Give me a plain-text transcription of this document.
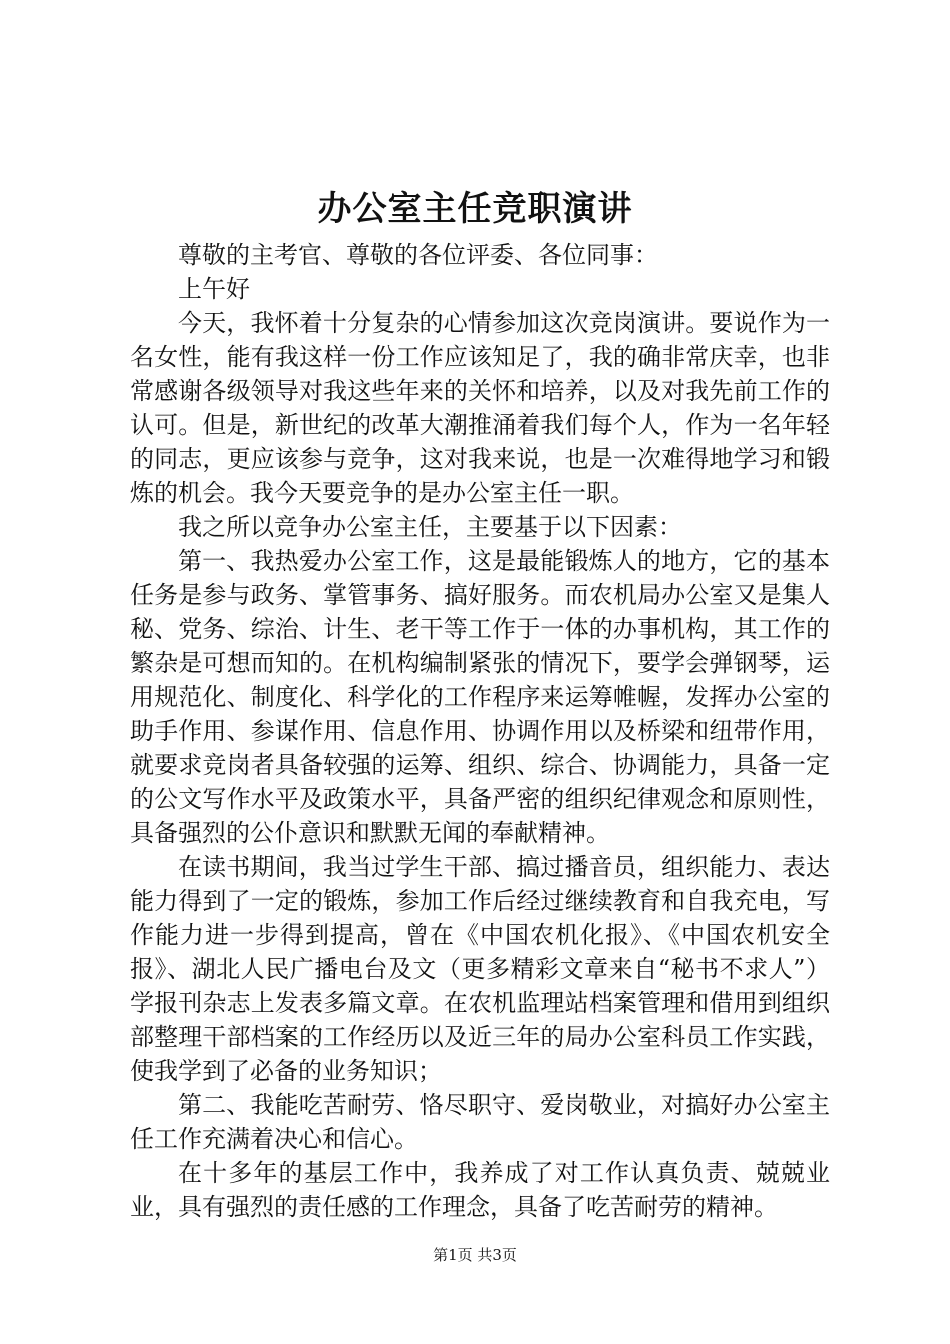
办公室主任竞职演讲

尊敬的主考官、尊敬的各位评委、各位同事：

上午好

今天，我怀着十分复杂的心情参加这次竞岗演讲。要说作为一名女性，能有我这样一份工作应该知足了，我的确非常庆幸，也非常感谢各级领导对我这些年来的关怀和培养，以及对我先前工作的认可。但是，新世纪的改革大潮推涌着我们每个人，作为一名年轻的同志，更应该参与竞争，这对我来说，也是一次难得地学习和锻炼的机会。我今天要竞争的是办公室主任一职。

我之所以竞争办公室主任，主要基于以下因素：

第一、我热爱办公室工作，这是最能锻炼人的地方，它的基本任务是参与政务、掌管事务、搞好服务。而农机局办公室又是集人秘、党务、综治、计生、老干等工作于一体的办事机构，其工作的繁杂是可想而知的。在机构编制紧张的情况下，要学会弹钢琴，运用规范化、制度化、科学化的工作程序来运筹帷幄，发挥办公室的助手作用、参谋作用、信息作用、协调作用以及桥梁和纽带作用，就要求竞岗者具备较强的运筹、组织、综合、协调能力，具备一定的公文写作水平及政策水平，具备严密的组织纪律观念和原则性，具备强烈的公仆意识和默默无闻的奉献精神。

在读书期间，我当过学生干部、搞过播音员，组织能力、表达能力得到了一定的锻炼，参加工作后经过继续教育和自我充电，写作能力进一步得到提高，曾在《中国农机化报》、《中国农机安全报》、湖北人民广播电台及文（更多精彩文章来自“秘书不求人”）学报刊杂志上发表多篇文章。在农机监理站档案管理和借用到组织部整理干部档案的工作经历以及近三年的局办公室科员工作实践，使我学到了必备的业务知识；

第二、我能吃苦耐劳、恪尽职守、爱岗敬业，对搞好办公室主任工作充满着决心和信心。

在十多年的基层工作中，我养成了对工作认真负责、兢兢业业，具有强烈的责任感的工作理念，具备了吃苦耐劳的精神。

第1页 共3页
